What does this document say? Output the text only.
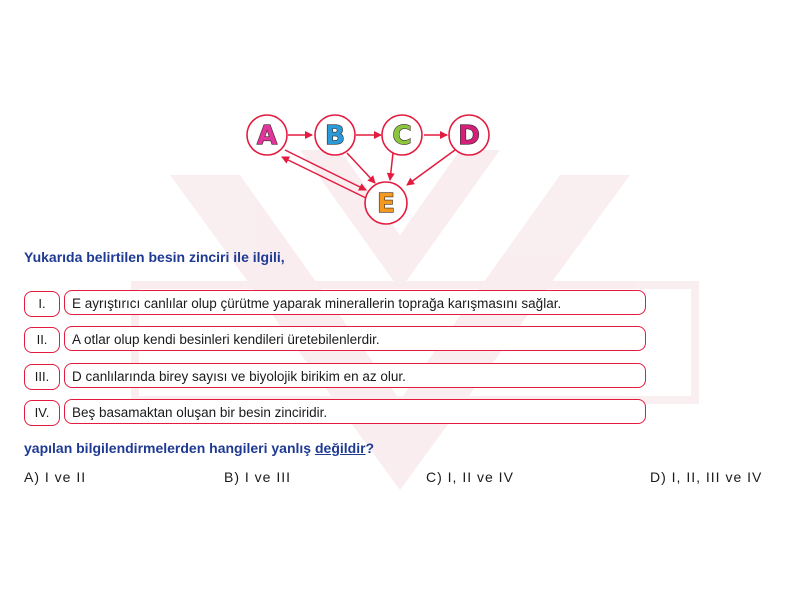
A B C D
E

Yukarıda belirtilen besin zinciri ile ilgili,

I.	E ayrıştırıcı canlılar olup çürütme yaparak minerallerin toprağa karışmasını sağlar.
II.	A otlar olup kendi besinleri kendileri üretebilenlerdir.
III.	D canlılarında birey sayısı ve biyolojik birikim en az olur.
IV.	Beş basamaktan oluşan bir besin zinciridir.

yapılan bilgilendirmelerden hangileri yanlış değildir?

A) I ve II	B) I ve III	C) I, II ve IV	D) I, II, III ve IV
